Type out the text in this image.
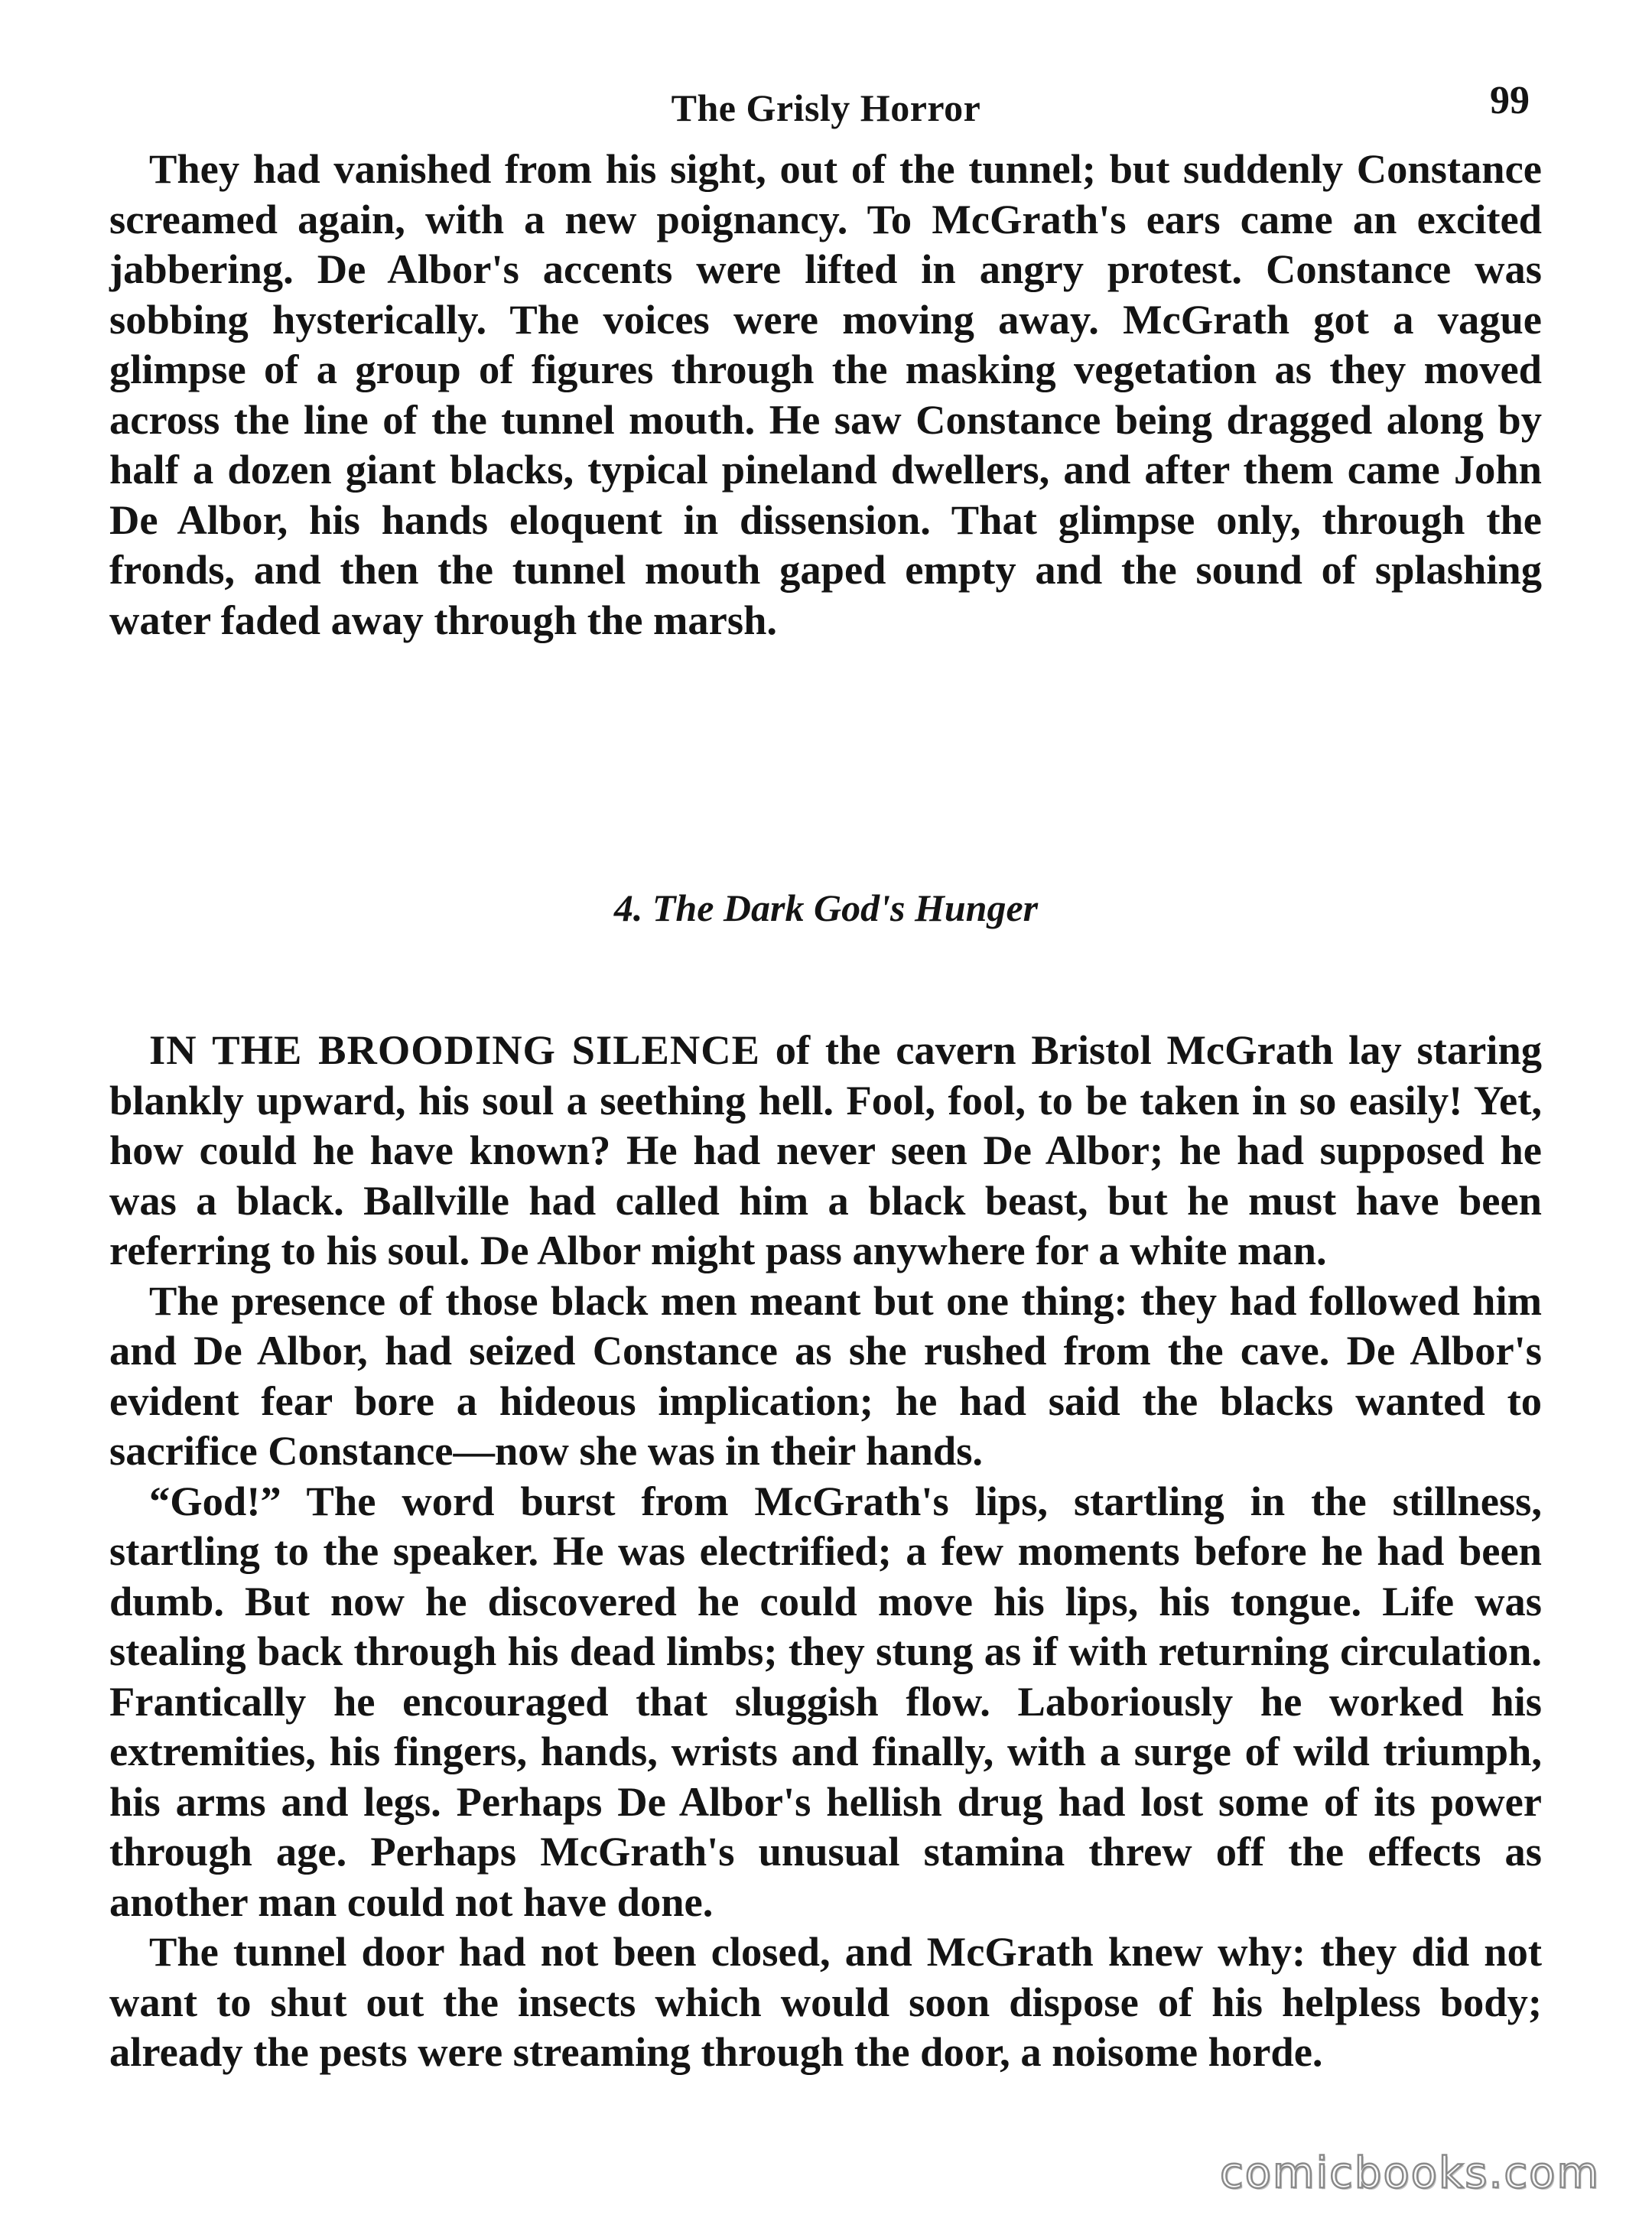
The Grisly Horror	99

They had vanished from his sight, out of the tunnel; but suddenly Constance screamed again, with a new poignancy. To McGrath's ears came an excited jabbering. De Albor's accents were lifted in angry protest. Constance was sobbing hysterically. The voices were moving away. McGrath got a vague glimpse of a group of figures through the masking vegetation as they moved across the line of the tunnel mouth. He saw Constance being dragged along by half a dozen giant blacks, typical pineland dwellers, and after them came John De Albor, his hands eloquent in dissension. That glimpse only, through the fronds, and then the tunnel mouth gaped empty and the sound of splashing water faded away through the marsh.

4. The Dark God's Hunger

IN THE BROODING SILENCE of the cavern Bristol McGrath lay staring blankly upward, his soul a seething hell. Fool, fool, to be taken in so easily! Yet, how could he have known? He had never seen De Albor; he had supposed he was a black. Ballville had called him a black beast, but he must have been referring to his soul. De Albor might pass anywhere for a white man.

The presence of those black men meant but one thing: they had followed him and De Albor, had seized Constance as she rushed from the cave. De Albor's evident fear bore a hideous implication; he had said the blacks wanted to sacrifice Constance—now she was in their hands.

“God!” The word burst from McGrath's lips, startling in the stillness, startling to the speaker. He was electrified; a few moments before he had been dumb. But now he discovered he could move his lips, his tongue. Life was stealing back through his dead limbs; they stung as if with returning circulation. Frantically he encouraged that sluggish flow. Laboriously he worked his extremities, his fingers, hands, wrists and finally, with a surge of wild triumph, his arms and legs. Perhaps De Albor's hellish drug had lost some of its power through age. Perhaps McGrath's unusual stamina threw off the effects as another man could not have done.

The tunnel door had not been closed, and McGrath knew why: they did not want to shut out the insects which would soon dispose of his helpless body; already the pests were streaming through the door, a noisome horde.

comicbooks.com
